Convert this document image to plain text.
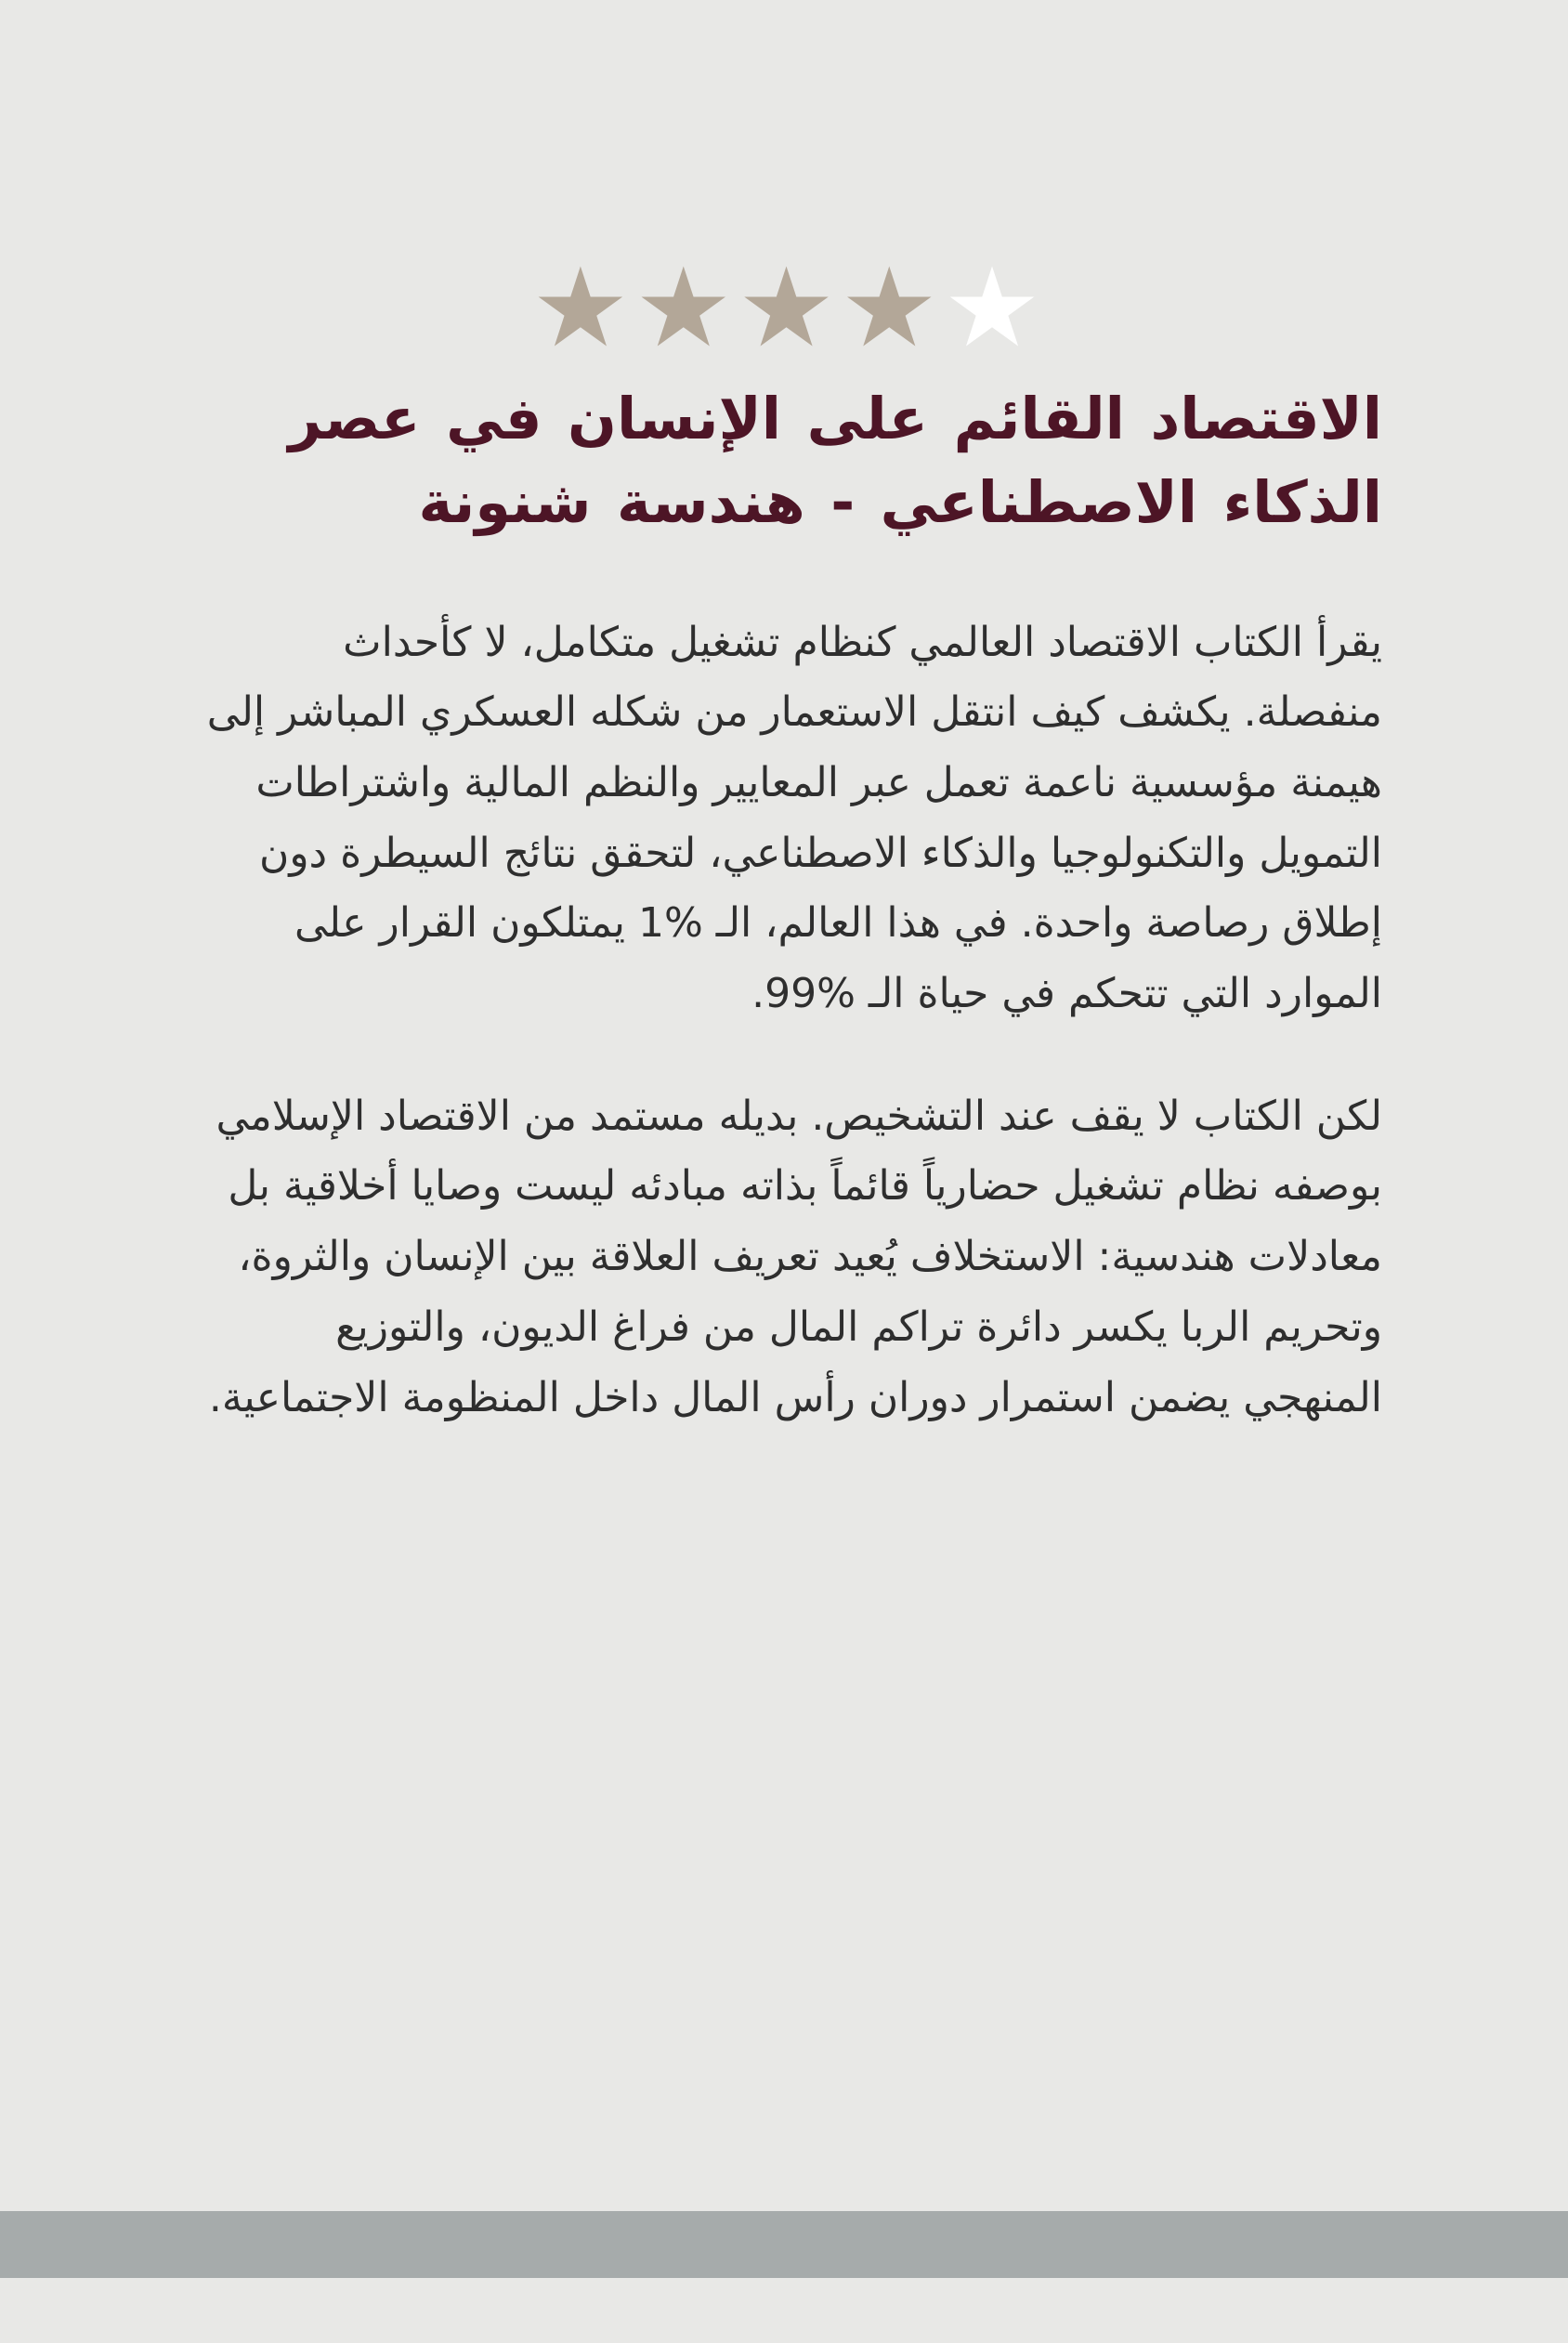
★★★★★
الاقتصاد القائم على الإنسان في عصر
الذكاء الاصطناعي - هندسة شنونة
يقرأ الكتاب الاقتصاد العالمي كنظام تشغيل متكامل، لا كأحداث منفصلة. يكشف كيف انتقل الاستعمار من شكله العسكري المباشر إلى هيمنة مؤسسية ناعمة تعمل عبر المعايير والنظم المالية واشتراطات التمويل والتكنولوجيا والذكاء الاصطناعي، لتحقق نتائج السيطرة دون إطلاق رصاصة واحدة. في هذا العالم، الـ %1 يمتلكون القرار على الموارد التي تتحكم في حياة الـ %99.
لكن الكتاب لا يقف عند التشخيص. بديله مستمد من الاقتصاد الإسلامي بوصفه نظام تشغيل حضارياً قائماً بذاته مبادئه ليست وصايا أخلاقية بل معادلات هندسية: الاستخلاف يُعيد تعريف العلاقة بين الإنسان والثروة، وتحريم الربا يكسر دائرة تراكم المال من فراغ الديون، والتوزيع المنهجي يضمن استمرار دوران رأس المال داخل المنظومة الاجتماعية.
